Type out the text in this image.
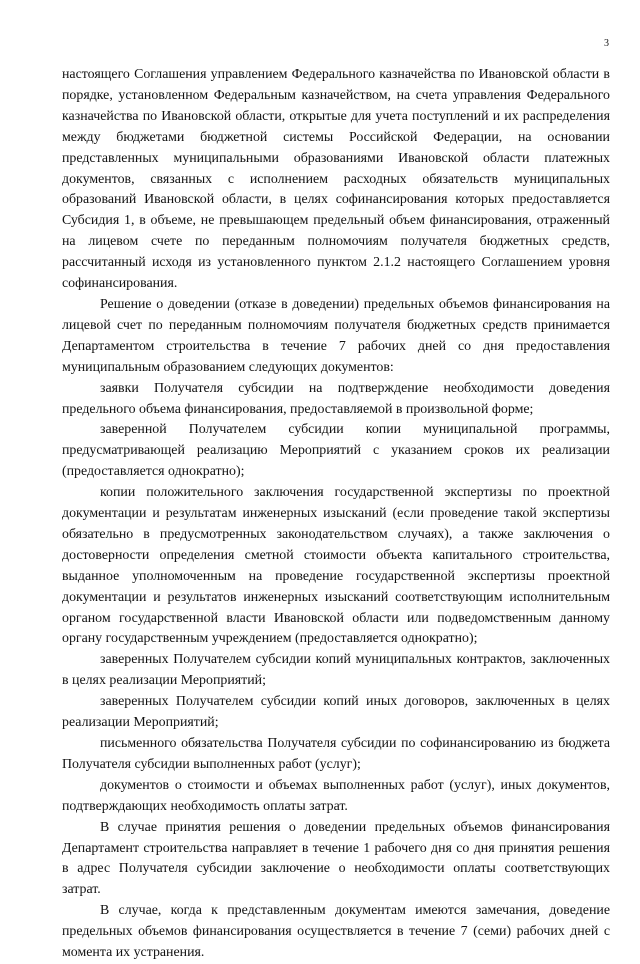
3

настоящего Соглашения управлением Федерального казначейства по Ивановской области в порядке, установленном Федеральным казначейством, на счета управления Федерального казначейства по Ивановской области, открытые для учета поступлений и их распределения между бюджетами бюджетной системы Российской Федерации, на основании представленных муниципальными образованиями Ивановской области платежных документов, связанных с исполнением расходных обязательств муниципальных образований Ивановской области, в целях софинансирования которых предоставляется Субсидия 1, в объеме, не превышающем предельный объем финансирования, отраженный на лицевом счете по переданным полномочиям получателя бюджетных средств, рассчитанный исходя из установленного пунктом 2.1.2 настоящего Соглашением уровня софинансирования.

Решение о доведении (отказе в доведении) предельных объемов финансирования на лицевой счет по переданным полномочиям получателя бюджетных средств принимается Департаментом строительства в течение 7 рабочих дней со дня предоставления муниципальным образованием следующих документов:

заявки Получателя субсидии на подтверждение необходимости доведения предельного объема финансирования, предоставляемой в произвольной форме;

заверенной Получателем субсидии копии муниципальной программы, предусматривающей реализацию Мероприятий с указанием сроков их реализации (предоставляется однократно);

копии положительного заключения государственной экспертизы по проектной документации и результатам инженерных изысканий (если проведение такой экспертизы обязательно в предусмотренных законодательством случаях), а также заключения о достоверности определения сметной стоимости объекта капитального строительства, выданное уполномоченным на проведение государственной экспертизы проектной документации и результатов инженерных изысканий соответствующим исполнительным органом государственной власти Ивановской области или подведомственным данному органу государственным учреждением (предоставляется однократно);

заверенных Получателем субсидии копий муниципальных контрактов, заключенных в целях реализации Мероприятий;

заверенных Получателем субсидии копий иных договоров, заключенных в целях реализации Мероприятий;

письменного обязательства Получателя субсидии по софинансированию из бюджета Получателя субсидии выполненных работ (услуг);

документов о стоимости и объемах выполненных работ (услуг), иных документов, подтверждающих необходимость оплаты затрат.

В случае принятия решения о доведении предельных объемов финансирования Департамент строительства направляет в течение 1 рабочего дня со дня принятия решения в адрес Получателя субсидии заключение о необходимости оплаты соответствующих затрат.

В случае, когда к представленным документам имеются замечания, доведение предельных объемов финансирования осуществляется в течение 7 (семи) рабочих дней с момента их устранения.
